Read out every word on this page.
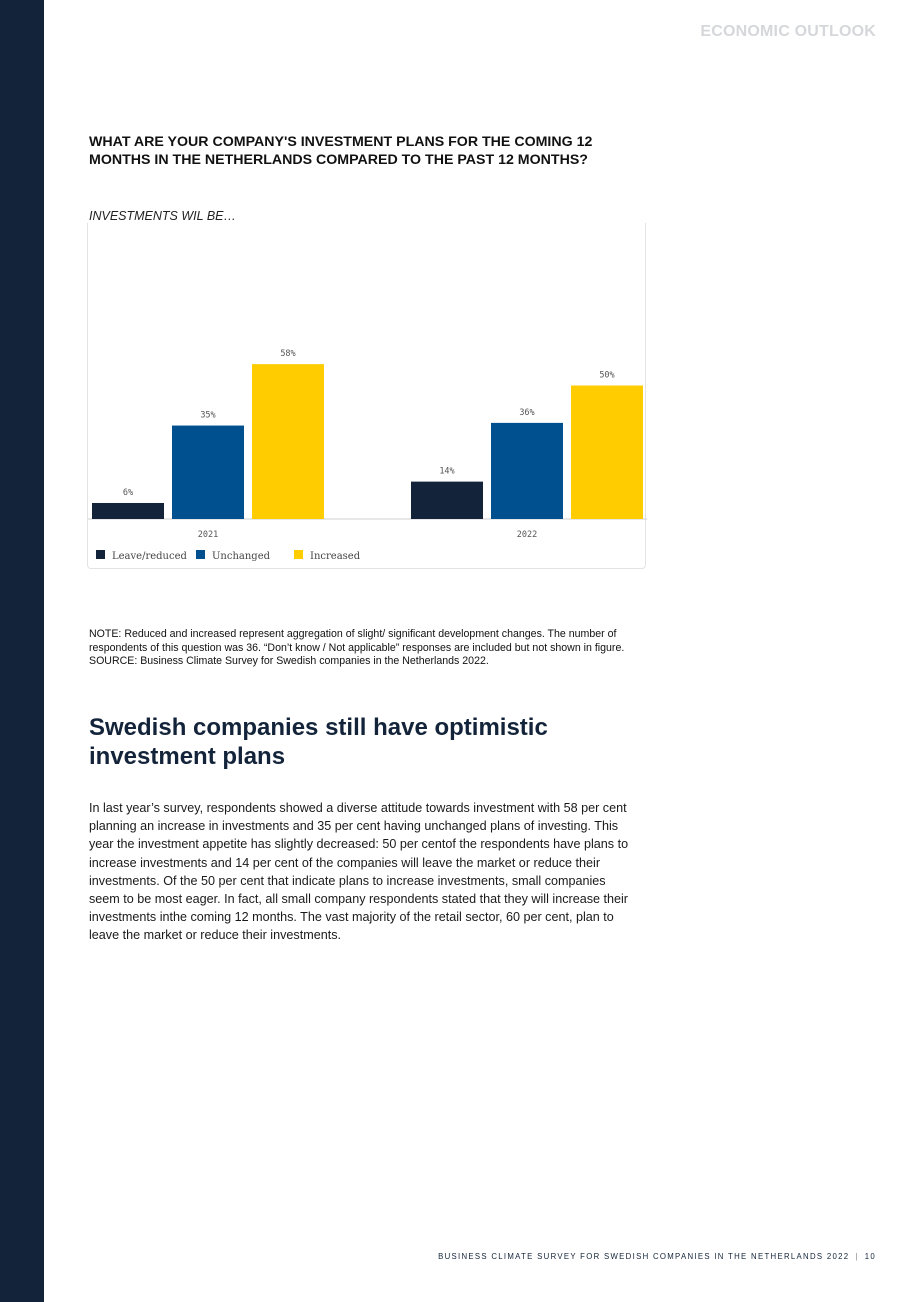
ECONOMIC OUTLOOK
WHAT ARE YOUR COMPANY'S INVESTMENT PLANS FOR THE COMING 12 MONTHS IN THE NETHERLANDS COMPARED TO THE PAST 12 MONTHS?
INVESTMENTS WIL BE…
6%
35%
58%
2021
14%
36%
50%
2022
Leave/reduced	Unchanged	Increased

NOTE: Reduced and increased represent aggregation of slight/ significant development changes. The number of respondents of this question was 36. “Don’t know / Not applicable” responses are included but not shown in figure.

SOURCE: Business Climate Survey for Swedish companies in the Netherlands 2022.

Swedish companies still have optimistic investment plans
In last year’s survey, respondents showed a diverse attitude towards investment with 58 per cent planning an increase in investments and 35 per cent having unchanged plans of investing. This year the investment appetite has slightly decreased: 50 per centof the respondents have plans to increase investments and 14 per cent of the companies will leave the market or reduce their investments. Of the 50 per cent that indicate plans to increase investments, small companies seem to be most eager. In fact, all small company respondents stated that they will increase their investments inthe coming 12 months. The vast majority of the retail sector, 60 per cent, plan to leave the market or reduce their investments.
BUSINESS CLIMATE SURVEY FOR SWEDISH COMPANIES IN THE NETHERLANDS 2022 | 10
